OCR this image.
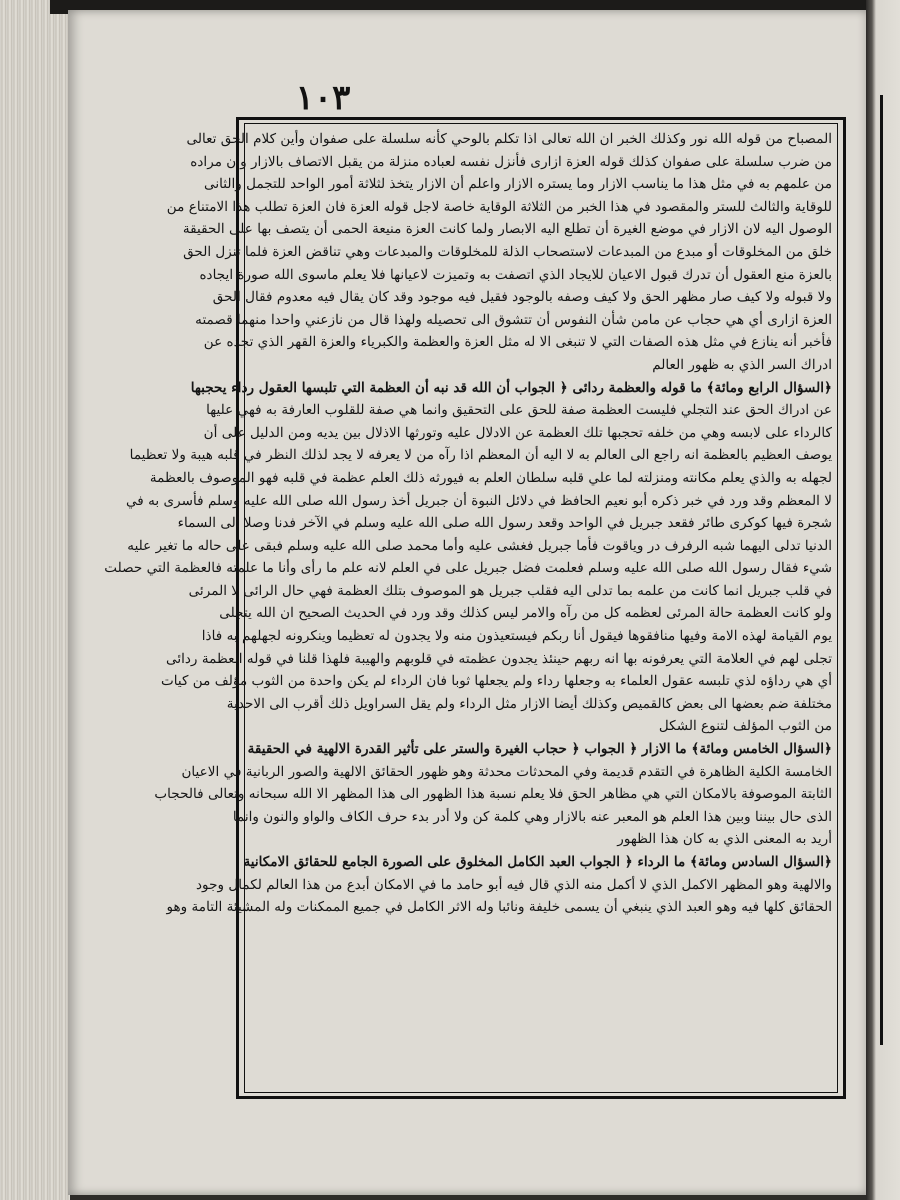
١٠٣
المصباح من قوله الله نور وكذلك الخبر ان الله تعالى اذا تكلم بالوحي كأنه سلسلة على صفوان وأين كلام الحق تعالى
من ضرب سلسلة على صفوان كذلك قوله العزة ازارى فأنزل نفسه لعباده منزلة من يقبل الاتصاف بالازار وان مراده
من علمهم به في مثل هذا ما يناسب الازار وما يستره الازار واعلم أن الازار يتخذ لثلاثة أمور الواحد للتجمل والثانى
للوقاية والثالث للستر والمقصود في هذا الخبر من الثلاثة الوقاية خاصة لاجل قوله العزة فان العزة تطلب هذا الامتناع من
الوصول اليه لان الازار في موضع الغيرة أن تطلع اليه الابصار ولما كانت العزة منيعة الحمى أن يتصف بها على الحقيقة
خلق من المخلوقات أو مبدع من المبدعات لاستصحاب الذلة للمخلوقات والمبدعات وهي تناقض العزة فلما تنزل الحق
بالعزة منع العقول أن تدرك قبول الاعيان للايجاد الذي اتصفت به وتميزت لاعيانها فلا يعلم ماسوى الله صورة ايجاده
ولا قبوله ولا كيف صار مظهر الحق ولا كيف وصفه بالوجود فقيل فيه موجود وقد كان يقال فيه معدوم فقال الحق
العزة ازارى أي هي حجاب عن مامن شأن النفوس أن تتشوق الى تحصيله ولهذا قال من نازعني واحدا منهما قصمته
فأخبر أنه ينازع في مثل هذه الصفات التي لا تنبغى الا له مثل العزة والعظمة والكبرياء والعزة القهر الذي تجده عن
ادراك السر الذي به ظهور العالم
﴿السؤال الرابع ومائة﴾ ما قوله والعظمة ردائى ﴿ الجواب أن الله قد نبه أن العظمة التي تلبسها العقول رداء يحجبها
عن ادراك الحق عند التجلي فليست العظمة صفة للحق على التحقيق وانما هي صفة للقلوب العارفة به فهي عليها
كالرداء على لابسه وهي من خلفه تحجبها تلك العظمة عن الادلال عليه وتورثها الاذلال بين يديه ومن الدليل على أن
يوصف العظيم بالعظمة انه راجع الى العالم به لا اليه أن المعظم اذا رآه من لا يعرفه لا يجد لذلك النظر في قلبه هيبة ولا تعظيما
لجهله به والذي يعلم مكانته ومنزلته لما علي قلبه سلطان العلم به فيورثه ذلك العلم عظمة في قلبه فهو الموصوف بالعظمة
لا المعظم وقد ورد في خبر ذكره أبو نعيم الحافظ في دلائل النبوة أن جبريل أخذ رسول الله صلى الله عليه وسلم فأسرى به في
شجرة فيها كوكرى طائر فقعد جبريل في الواحد وقعد رسول الله صلى الله عليه وسلم في الآخر فدنا وصلا الى السماء
الدنيا تدلى اليهما شبه الرفرف در وياقوت فأما جبريل فغشى عليه وأما محمد صلى الله عليه وسلم فبقى على حاله ما تغير عليه
شيء فقال رسول الله صلى الله عليه وسلم فعلمت فضل جبريل على في العلم لانه علم ما رأى وأنا ما علمته فالعظمة التي حصلت
في قلب جبريل انما كانت من علمه بما تدلى اليه فقلب جبريل هو الموصوف بتلك العظمة فهي حال الرائى لا المرئى
ولو كانت العظمة حالة المرئى لعظمه كل من رآه والامر ليس كذلك وقد ورد في الحديث الصحيح ان الله يتجلى
يوم القيامة لهذه الامة وفيها منافقوها فيقول أنا ربكم فيستعيذون منه ولا يجدون له تعظيما وينكرونه لجهلهم به فاذا
تجلى لهم في العلامة التي يعرفونه بها انه ربهم حينئذ يجدون عظمته في قلوبهم والهيبة فلهذا قلنا في قوله العظمة ردائى
أي هي رداؤه لذي تلبسه عقول العلماء به وجعلها رداء ولم يجعلها ثوبا فان الرداء لم يكن واحدة من الثوب مؤلف من كيات
مختلفة ضم بعضها الى بعض كالقميص وكذلك أيضا الازار مثل الرداء ولم يقل السراويل ذلك أقرب الى الاحدية
من الثوب المؤلف لتنوع الشكل
﴿السؤال الخامس ومائة﴾ ما الازار ﴿ الجواب ﴿ حجاب الغيرة والستر على تأثير القدرة الالهية في الحقيقة
الخامسة الكلية الظاهرة في التقدم قديمة وفي المحدثات محدثة وهو ظهور الحقائق الالهية والصور الربانية في الاعيان
الثابتة الموصوفة بالامكان التي هي مظاهر الحق فلا يعلم نسبة هذا الظهور الى هذا المظهر الا الله سبحانه وتعالى فالحجاب
الذى حال بيننا وبين هذا العلم هو المعبر عنه بالازار وهي كلمة كن ولا أدر بدء حرف الكاف والواو والنون وانما
أريد به المعنى الذي به كان هذا الظهور
﴿السؤال السادس ومائة﴾ ما الرداء ﴿ الجواب العبد الكامل المخلوق على الصورة الجامع للحقائق الامكانية
والالهية وهو المظهر الاكمل الذي لا أكمل منه الذي قال فيه أبو حامد ما في الامكان أبدع من هذا العالم لكمال وجود
الحقائق كلها فيه وهو العبد الذي ينبغي أن يسمى خليفة ونائبا وله الاثر الكامل في جميع الممكنات وله المشيئة التامة وهو
